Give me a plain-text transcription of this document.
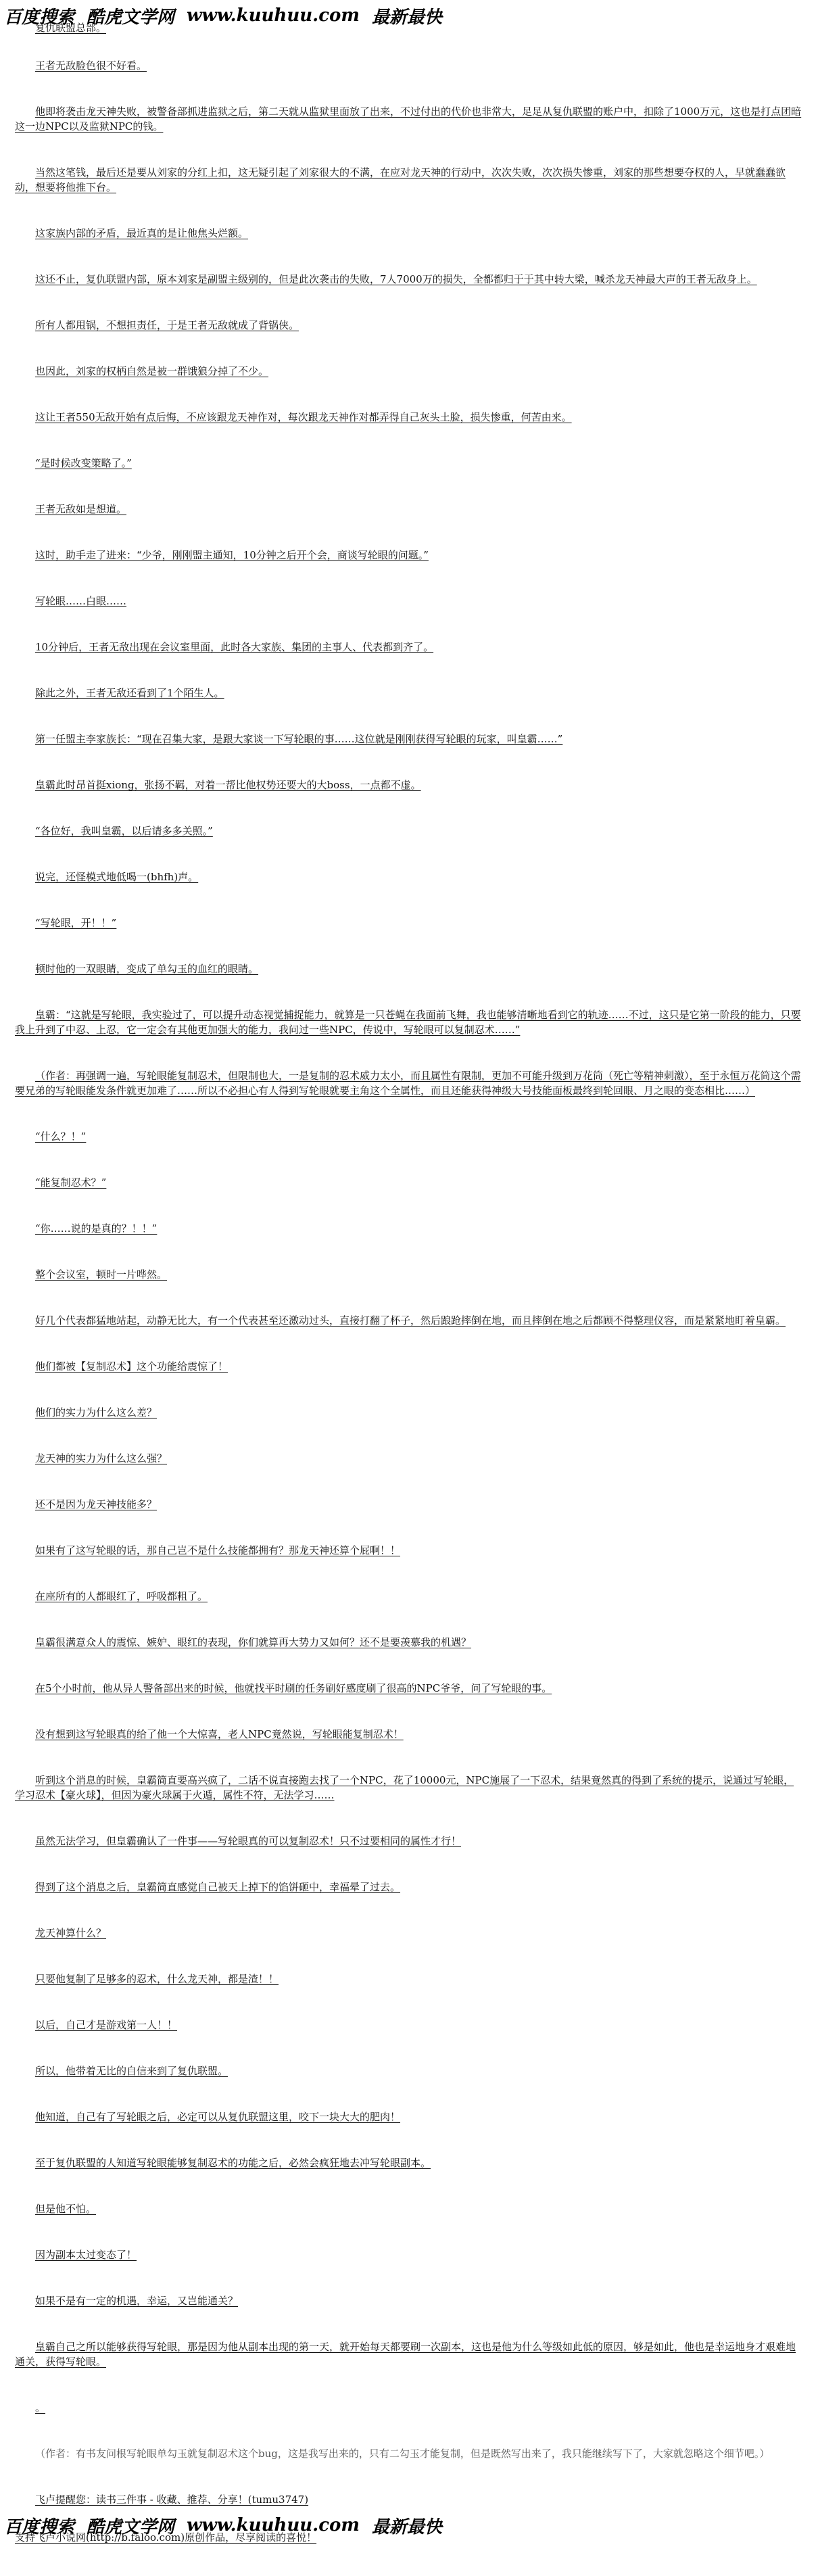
百度搜索 酷虎文学网 www.kuuhuu.com 最新最快

复仇联盟总部。

王者无敌脸色很不好看。

他即将袭击龙天神失败，被警备部抓进监狱之后，第二天就从监狱里面放了出来，不过付出的代价也非常大，足足从复仇联盟的账户中，扣除了1000万元，这也是打点团暗这一边NPC以及监狱NPC的钱。

当然这笔钱，最后还是要从刘家的分红上扣，这无疑引起了刘家很大的不满，在应对龙天神的行动中，次次失败，次次损失惨重，刘家的那些想要夺权的人，早就蠢蠢欲动，想要将他推下台。

这家族内部的矛盾，最近真的是让他焦头烂额。

这还不止，复仇联盟内部，原本刘家是副盟主级别的，但是此次袭击的失败，7人7000万的损失，全都都归于于其中转大梁，喊杀龙天神最大声的王者无敌身上。

所有人都甩锅，不想担责任，于是王者无敌就成了背锅侠。

也因此，刘家的权柄自然是被一群饿狼分掉了不少。

这让王者550无敌开始有点后悔，不应该跟龙天神作对，每次跟龙天神作对都弄得自己灰头土脸，损失惨重，何苦由来。

“是时候改变策略了。”

王者无敌如是想道。

这时，助手走了进来：“少爷，刚刚盟主通知，10分钟之后开个会，商谈写轮眼的问题。”

写轮眼……白眼……

10分钟后，王者无敌出现在会议室里面，此时各大家族、集团的主事人、代表都到齐了。

除此之外，王者无敌还看到了1个陌生人。

第一任盟主李家族长：“现在召集大家，是跟大家谈一下写轮眼的事……这位就是刚刚获得写轮眼的玩家，叫皇霸……”

皇霸此时昂首挺xiong，张扬不羁，对着一帮比他权势还要大的大boss，一点都不虚。

“各位好，我叫皇霸，以后请多多关照。”

说完，还怪模式地低喝一(bhfh)声。

“写轮眼，开！！”

顿时他的一双眼睛，变成了单勾玉的血红的眼睛。

皇霸：“这就是写轮眼，我实验过了，可以提升动态视觉捕捉能力，就算是一只苍蝇在我面前飞舞，我也能够清晰地看到它的轨迹……不过，这只是它第一阶段的能力，只要我上升到了中忍、上忍，它一定会有其他更加强大的能力，我问过一些NPC，传说中，写轮眼可以复制忍术……”

（作者：再强调一遍，写轮眼能复制忍术，但限制也大，一是复制的忍术威力太小，而且属性有限制，更加不可能升级到万花筒（死亡等精神刺激），至于永恒万花筒这个需要兄弟的写轮眼能发条件就更加难了……所以不必担心有人得到写轮眼就要主角这个全属性，而且还能获得神级大号技能面板最终到轮回眼、月之眼的变态相比……）

“什么？！”

“能复制忍术？”

“你……说的是真的？！！”

整个会议室，顿时一片哗然。

好几个代表都猛地站起，动静无比大，有一个代表甚至还激动过头，直接打翻了杯子，然后踉跄摔倒在地，而且摔倒在地之后都顾不得整理仪容，而是紧紧地盯着皇霸。

他们都被【复制忍术】这个功能给震惊了！

他们的实力为什么这么差？

龙天神的实力为什么这么强？

还不是因为龙天神技能多？

如果有了这写轮眼的话，那自己岂不是什么技能都拥有？那龙天神还算个屁啊！！

在座所有的人都眼红了，呼吸都粗了。

皇霸很满意众人的震惊、嫉妒、眼红的表现，你们就算再大势力又如何？还不是要羡慕我的机遇？

在5个小时前，他从异人警备部出来的时候，他就找平时刷的任务刷好感度刷了很高的NPC爷爷，问了写轮眼的事。

没有想到这写轮眼真的给了他一个大惊喜，老人NPC竟然说，写轮眼能复制忍术！

听到这个消息的时候，皇霸简直要高兴疯了，二话不说直接跑去找了一个NPC，花了10000元，NPC施展了一下忍术，结果竟然真的得到了系统的提示，说通过写轮眼，学习忍术【豪火球】，但因为豪火球属于火遁，属性不符，无法学习……

虽然无法学习，但皇霸确认了一件事——写轮眼真的可以复制忍术！只不过要相同的属性才行！

得到了这个消息之后，皇霸简直感觉自己被天上掉下的馅饼砸中，幸福晕了过去。

龙天神算什么？

只要他复制了足够多的忍术，什么龙天神，都是渣！！

以后，自己才是游戏第一人！！

所以，他带着无比的自信来到了复仇联盟。

他知道，自己有了写轮眼之后，必定可以从复仇联盟这里，咬下一块大大的肥肉！

至于复仇联盟的人知道写轮眼能够复制忍术的功能之后，必然会疯狂地去冲写轮眼副本。

但是他不怕。

因为副本太过变态了！

如果不是有一定的机遇，幸运，又岂能通关？

皇霸自己之所以能够获得写轮眼，那是因为他从副本出现的第一天，就开始每天都要刷一次副本，这也是他为什么等级如此低的原因，够是如此，他也是幸运地身才艰难地通关，获得写轮眼。

。

（作者：有书友问根写轮眼单勾玉就复制忍术这个bug，这是我写出来的，只有二勾玉才能复制，但是既然写出来了，我只能继续写下了，大家就忽略这个细节吧。）

飞卢提醒您：读书三件事 - 收藏、推荐、分享！(tumu3747)

支持飞卢小说网(http://b.faloo.com)原创作品，尽享阅读的喜悦！

百度搜索 酷虎文学网 www.kuuhuu.com 最新最快
